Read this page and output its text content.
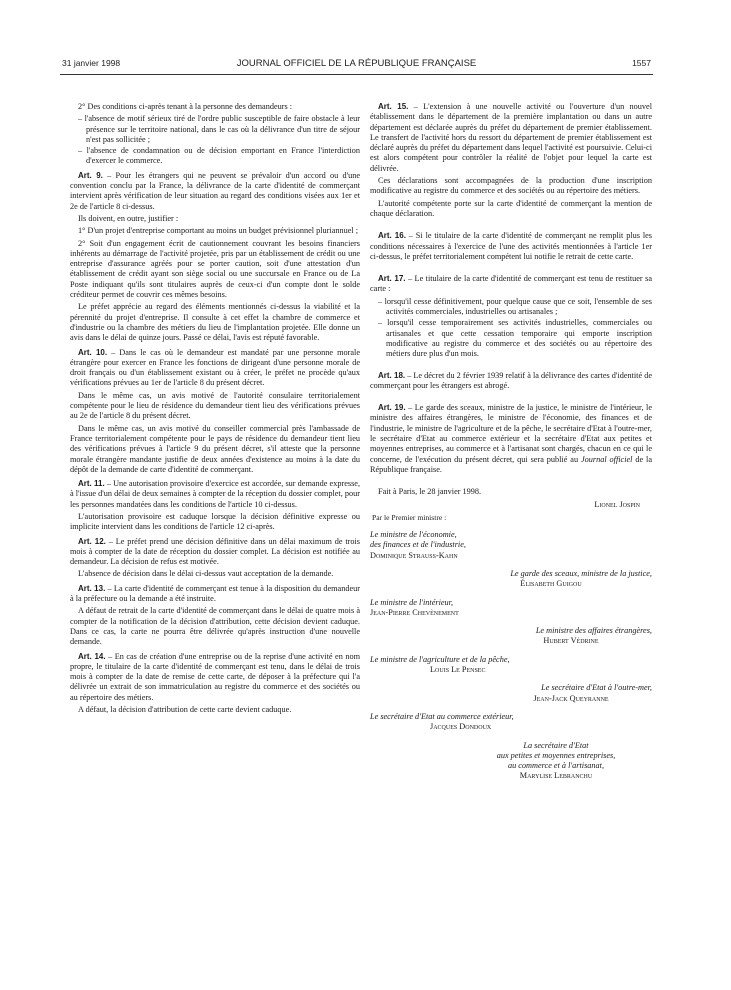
31 janvier 1998	JOURNAL OFFICIEL DE LA RÉPUBLIQUE FRANÇAISE	1557

2° Des conditions ci-après tenant à la personne des demandeurs :

– l'absence de motif sérieux tiré de l'ordre public susceptible de faire obstacle à leur présence sur le territoire national, dans le cas où la délivrance d'un titre de séjour n'est pas sollicitée ;

– l'absence de condamnation ou de décision emportant en France l'interdiction d'exercer le commerce.

Art. 9. – Pour les étrangers qui ne peuvent se prévaloir d'un accord ou d'une convention conclu par la France, la délivrance de la carte d'identité de commerçant intervient après vérification de leur situation au regard des conditions visées aux 1er et 2e de l'article 8 ci-dessus.

Ils doivent, en outre, justifier :

1° D'un projet d'entreprise comportant au moins un budget prévisionnel pluriannuel ;

2° Soit d'un engagement écrit de cautionnement couvrant les besoins financiers inhérents au démarrage de l'activité projetée, pris par un établissement de crédit ou une entreprise d'assurance agréés pour se porter caution, soit d'une attestation d'un établissement de crédit ayant son siège social ou une succursale en France ou de La Poste indiquant qu'ils sont titulaires auprès de ceux-ci d'un compte dont le solde créditeur permet de couvrir ces mêmes besoins.

Le préfet apprécie au regard des éléments mentionnés ci-dessus la viabilité et la pérennité du projet d'entreprise. Il consulte à cet effet la chambre de commerce et d'industrie ou la chambre des métiers du lieu de l'implantation projetée. Elle donne un avis dans le délai de quinze jours. Passé ce délai, l'avis est réputé favorable.

Art. 10. – Dans le cas où le demandeur est mandaté par une personne morale étrangère pour exercer en France les fonctions de dirigeant d'une personne morale de droit français ou d'un établissement existant ou à créer, le préfet ne procède qu'aux vérifications prévues au 1er de l'article 8 du présent décret.

Dans le même cas, un avis motivé de l'autorité consulaire territorialement compétente pour le lieu de résidence du demandeur tient lieu des vérifications prévues au 2e de l'article 8 du présent décret.

Dans le même cas, un avis motivé du conseiller commercial près l'ambassade de France territorialement compétente pour le pays de résidence du demandeur tient lieu des vérifications prévues à l'article 9 du présent décret, s'il atteste que la personne morale étrangère mandante justifie de deux années d'existence au moins à la date du dépôt de la demande de carte d'identité de commerçant.

Art. 11. – Une autorisation provisoire d'exercice est accordée, sur demande expresse, à l'issue d'un délai de deux semaines à compter de la réception du dossier complet, pour les personnes mandatées dans les conditions de l'article 10 ci-dessus.

L'autorisation provisoire est caduque lorsque la décision définitive expresse ou implicite intervient dans les conditions de l'article 12 ci-après.

Art. 12. – Le préfet prend une décision définitive dans un délai maximum de trois mois à compter de la date de réception du dossier complet. La décision est notifiée au demandeur. La décision de refus est motivée.

L'absence de décision dans le délai ci-dessus vaut acceptation de la demande.

Art. 13. – La carte d'identité de commerçant est tenue à la disposition du demandeur à la préfecture ou la demande a été instruite.

A défaut de retrait de la carte d'identité de commerçant dans le délai de quatre mois à compter de la notification de la décision d'attribution, cette décision devient caduque. Dans ce cas, la carte ne pourra être délivrée qu'après instruction d'une nouvelle demande.

Art. 14. – En cas de création d'une entreprise ou de la reprise d'une activité en nom propre, le titulaire de la carte d'identité de commerçant est tenu, dans le délai de trois mois à compter de la date de remise de cette carte, de déposer à la préfecture qui l'a délivrée un extrait de son immatriculation au registre du commerce et des sociétés ou au répertoire des métiers.

A défaut, la décision d'attribution de cette carte devient caduque.

Art. 15. – L'extension à une nouvelle activité ou l'ouverture d'un nouvel établissement dans le département de la première implantation ou dans un autre département est déclarée auprès du préfet du département de premier établissement. Le transfert de l'activité hors du ressort du département de premier établissement est déclaré auprès du préfet du département dans lequel l'activité est poursuivie. Celui-ci est alors compétent pour contrôler la réalité de l'objet pour lequel la carte est délivrée.

Ces déclarations sont accompagnées de la production d'une inscription modificative au registre du commerce et des sociétés ou au répertoire des métiers.

L'autorité compétente porte sur la carte d'identité de commerçant la mention de chaque déclaration.

Art. 16. – Si le titulaire de la carte d'identité de commerçant ne remplit plus les conditions nécessaires à l'exercice de l'une des activités mentionnées à l'article 1er ci-dessus, le préfet territorialement compétent lui notifie le retrait de cette carte.

Art. 17. – Le titulaire de la carte d'identité de commerçant est tenu de restituer sa carte :

– lorsqu'il cesse définitivement, pour quelque cause que ce soit, l'ensemble de ses activités commerciales, industrielles ou artisanales ;

– lorsqu'il cesse temporairement ses activités industrielles, commerciales ou artisanales et que cette cessation temporaire qui emporte inscription modificative au registre du commerce et des sociétés ou au répertoire des métiers dure plus d'un mois.

Art. 18. – Le décret du 2 février 1939 relatif à la délivrance des cartes d'identité de commerçant pour les étrangers est abrogé.

Art. 19. – Le garde des sceaux, ministre de la justice, le ministre de l'intérieur, le ministre des affaires étrangères, le ministre de l'économie, des finances et de l'industrie, le ministre de l'agriculture et de la pêche, le secrétaire d'Etat à l'outre-mer, le secrétaire d'Etat au commerce extérieur et la secrétaire d'Etat aux petites et moyennes entreprises, au commerce et à l'artisanat sont chargés, chacun en ce qui le concerne, de l'exécution du présent décret, qui sera publié au Journal officiel de la République française.

Fait à Paris, le 28 janvier 1998.

Lionel Jospin

Par le Premier ministre :

Le ministre de l'économie,

des finances et de l'industrie,

Dominique Strauss-Kahn

Le garde des sceaux, ministre de la justice,

Élisabeth Guigou

Le ministre de l'intérieur,

Jean-Pierre Chevènement

Le ministre des affaires étrangères,

Hubert Védrine

Le ministre de l'agriculture et de la pêche,

Louis Le Pensec

Le secrétaire d'Etat à l'outre-mer,

Jean-Jack Queyranne

Le secrétaire d'Etat au commerce extérieur,

Jacques Dondoux

La secrétaire d'Etat

aux petites et moyennes entreprises,

au commerce et à l'artisanat,

Marylise Lebranchu
